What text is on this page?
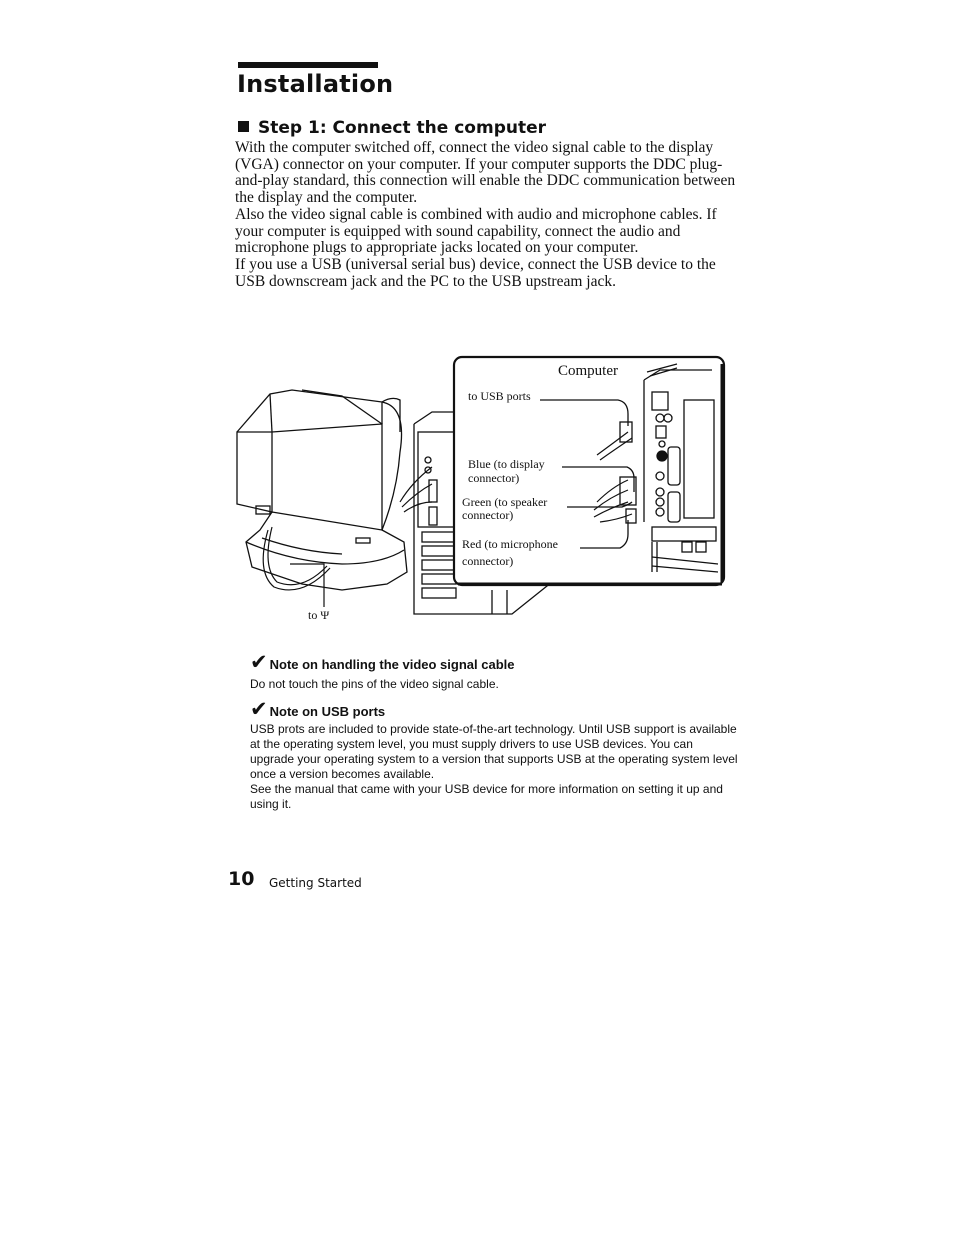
Installation
Step 1: Connect the computer

With the computer switched off, connect the video signal cable to the display (VGA) connector on your computer. If your computer supports the DDC plug-and-play standard, this connection will enable the DDC communication between the display and the computer.

Also the video signal cable is combined with audio and microphone cables. If your computer is equipped with sound capability, connect the audio and microphone plugs to appropriate jacks located on your computer.

If you use a USB (universal serial bus) device, connect the USB device to the USB downscream jack and the PC to the USB upstream jack.

Computer
to USB ports
Blue (to display
connector)
Green (to speaker
connector)
Red (to microphone
connector)
to Ψ

✔ Note on handling the video signal cable

Do not touch the pins of the video signal cable.

✔ Note on USB ports

USB prots are included to provide state-of-the-art technology. Until USB support is available at the operating system level, you must supply drivers to use USB devices. You can upgrade your operating system to a version that supports USB at the operating system level once a version becomes available.

See the manual that came with your USB device for more information on setting it up and using it.

10 Getting Started
